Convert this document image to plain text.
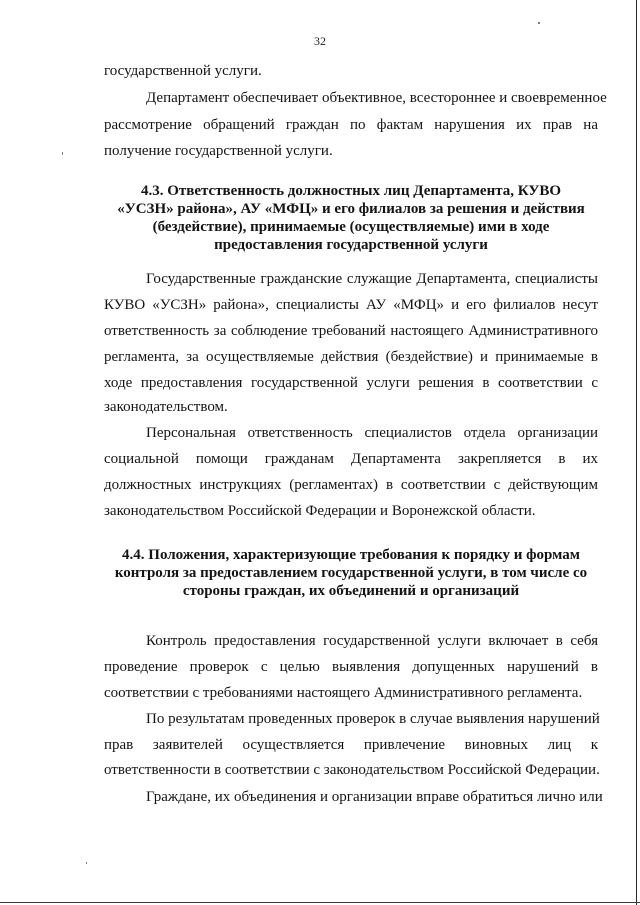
32
государственной услуги.
Департамент обеспечивает объективное, всестороннее и своевременное
рассмотрение обращений граждан по фактам нарушения их прав на
получение государственной услуги.
4.3. Ответственность должностных лиц Департамента, КУВО
«УСЗН» района», АУ «МФЦ» и его филиалов за решения и действия
(бездействие), принимаемые (осуществляемые) ими в ходе
предоставления государственной услуги
Государственные гражданские служащие Департамента, специалисты
КУВО «УСЗН» района», специалисты АУ «МФЦ» и его филиалов несут
ответственность за соблюдение требований настоящего Административного
регламента, за осуществляемые действия (бездействие) и принимаемые в
ходе предоставления государственной услуги решения в соответствии с
законодательством.
Персональная ответственность специалистов отдела организации
социальной помощи гражданам Департамента закрепляется в их
должностных инструкциях (регламентах) в соответствии с действующим
законодательством Российской Федерации и Воронежской области.
4.4. Положения, характеризующие требования к порядку и формам
контроля за предоставлением государственной услуги, в том числе со
стороны граждан, их объединений и организаций
Контроль предоставления государственной услуги включает в себя
проведение проверок с целью выявления допущенных нарушений в
соответствии с требованиями настоящего Административного регламента.
По результатам проведенных проверок в случае выявления нарушений
прав заявителей осуществляется привлечение виновных лиц к
ответственности в соответствии с законодательством Российской Федерации.
Граждане, их объединения и организации вправе обратиться лично или
